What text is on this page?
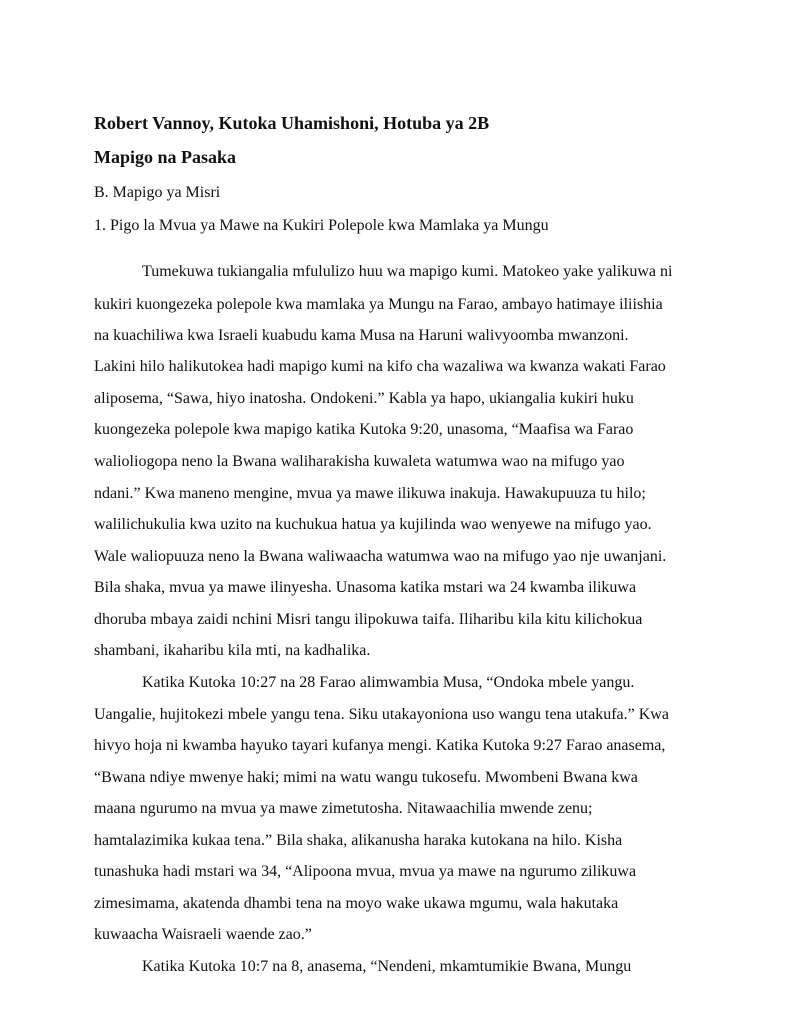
Robert Vannoy, Kutoka Uhamishoni, Hotuba ya 2B
Mapigo na Pasaka
B. Mapigo ya Misri
1. Pigo la Mvua ya Mawe na Kukiri Polepole kwa Mamlaka ya Mungu
Tumekuwa tukiangalia mfululizo huu wa mapigo kumi. Matokeo yake yalikuwa ni
kukiri kuongezeka polepole kwa mamlaka ya Mungu na Farao, ambayo hatimaye iliishia
na kuachiliwa kwa Israeli kuabudu kama Musa na Haruni walivyoomba mwanzoni.
Lakini hilo halikutokea hadi mapigo kumi na kifo cha wazaliwa wa kwanza wakati Farao
aliposema, “Sawa, hiyo inatosha. Ondokeni.” Kabla ya hapo, ukiangalia kukiri huku
kuongezeka polepole kwa mapigo katika Kutoka 9:20, unasoma, “Maafisa wa Farao
walioliogopa neno la Bwana waliharakisha kuwaleta watumwa wao na mifugo yao
ndani.” Kwa maneno mengine, mvua ya mawe ilikuwa inakuja. Hawakupuuza tu hilo;
walilichukulia kwa uzito na kuchukua hatua ya kujilinda wao wenyewe na mifugo yao.
Wale waliopuuza neno la Bwana waliwaacha watumwa wao na mifugo yao nje uwanjani.
Bila shaka, mvua ya mawe ilinyesha. Unasoma katika mstari wa 24 kwamba ilikuwa
dhoruba mbaya zaidi nchini Misri tangu ilipokuwa taifa. Iliharibu kila kitu kilichokua
shambani, ikaharibu kila mti, na kadhalika.
Katika Kutoka 10:27 na 28 Farao alimwambia Musa, “Ondoka mbele yangu.
Uangalie, hujitokezi mbele yangu tena. Siku utakayoniona uso wangu tena utakufa.” Kwa
hivyo hoja ni kwamba hayuko tayari kufanya mengi. Katika Kutoka 9:27 Farao anasema,
“Bwana ndiye mwenye haki; mimi na watu wangu tukosefu. Mwombeni Bwana kwa
maana ngurumo na mvua ya mawe zimetutosha. Nitawaachilia mwende zenu;
hamtalazimika kukaa tena.” Bila shaka, alikanusha haraka kutokana na hilo. Kisha
tunashuka hadi mstari wa 34, “Alipoona mvua, mvua ya mawe na ngurumo zilikuwa
zimesimama, akatenda dhambi tena na moyo wake ukawa mgumu, wala hakutaka
kuwaacha Waisraeli waende zao.”
Katika Kutoka 10:7 na 8, anasema, “Nendeni, mkamtumikie Bwana, Mungu
